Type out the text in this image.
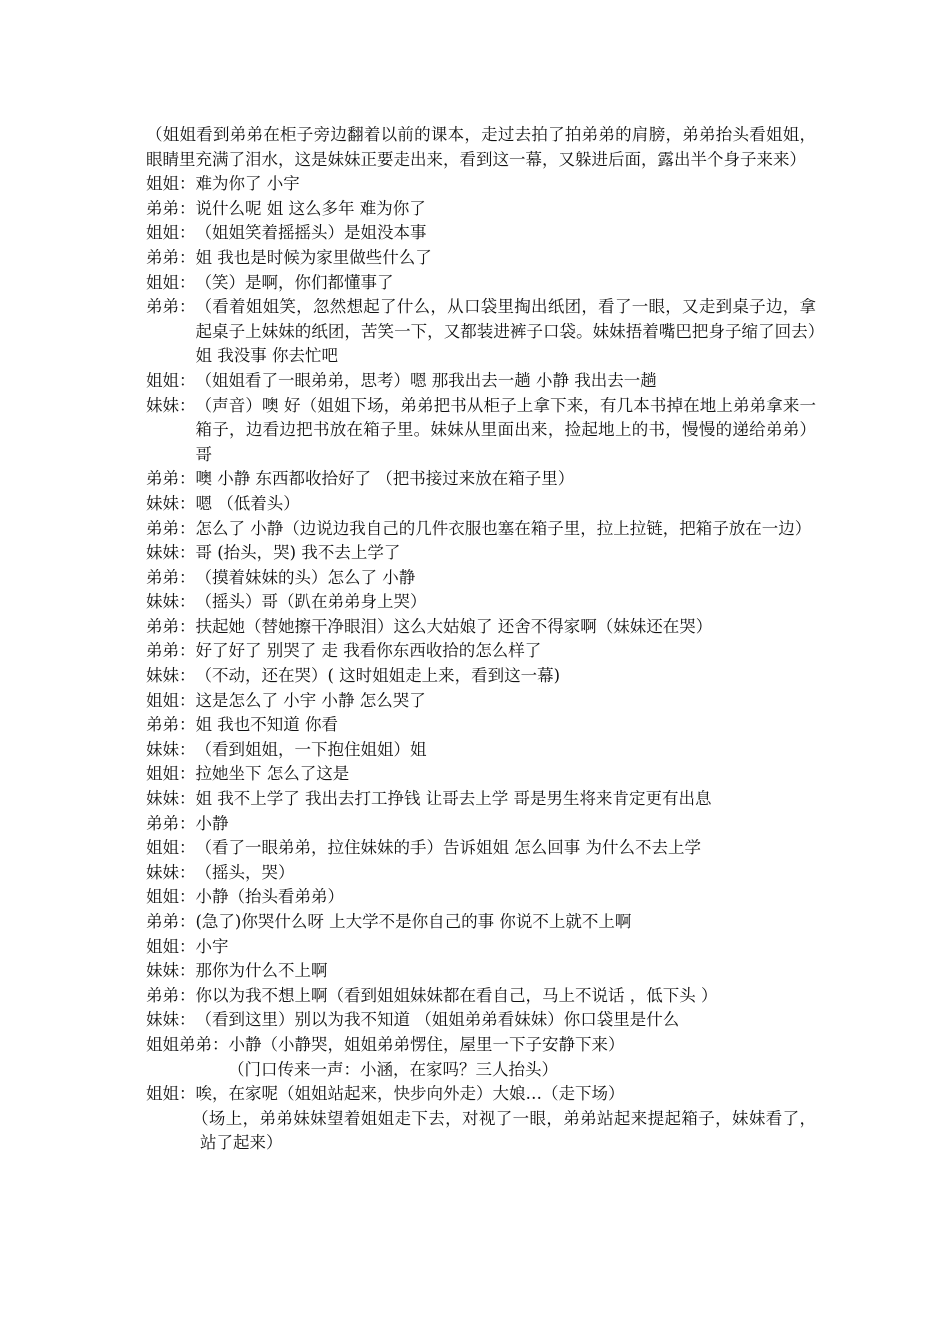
（姐姐看到弟弟在柜子旁边翻着以前的课本，走过去拍了拍弟弟的肩膀，弟弟抬头看姐姐，眼睛里充满了泪水，这是妹妹正要走出来，看到这一幕，又躲进后面，露出半个身子来来）
姐姐： 难为你了 小宇
弟弟： 说什么呢 姐 这么多年 难为你了
姐姐： （姐姐笑着摇摇头）是姐没本事
弟弟： 姐 我也是时候为家里做些什么了
姐姐： （笑）是啊，你们都懂事了
弟弟： （看着姐姐笑，忽然想起了什么，从口袋里掏出纸团，看了一眼，又走到桌子边，拿起桌子上妹妹的纸团，苦笑一下，又都装进裤子口袋。妹妹捂着嘴巴把身子缩了回去）姐 我没事 你去忙吧
姐姐： （姐姐看了一眼弟弟，思考）嗯 那我出去一趟 小静 我出去一趟
妹妹： （声音）噢 好（姐姐下场，弟弟把书从柜子上拿下来，有几本书掉在地上弟弟拿来一箱子，边看边把书放在箱子里。妹妹从里面出来，捡起地上的书，慢慢的递给弟弟）哥
弟弟： 噢 小静 东西都收拾好了 （把书接过来放在箱子里）
妹妹： 嗯 （低着头）
弟弟： 怎么了 小静（边说边我自己的几件衣服也塞在箱子里，拉上拉链，把箱子放在一边）
妹妹： 哥 (抬头，哭) 我不去上学了
弟弟： （摸着妹妹的头）怎么了 小静
妹妹： （摇头）哥（趴在弟弟身上哭）
弟弟： 扶起她（替她擦干净眼泪）这么大姑娘了 还舍不得家啊（妹妹还在哭）
弟弟： 好了好了 别哭了 走 我看你东西收拾的怎么样了
妹妹： （不动，还在哭）( 这时姐姐走上来，看到这一幕)
姐姐： 这是怎么了 小宇 小静 怎么哭了
弟弟： 姐 我也不知道 你看
妹妹： （看到姐姐，一下抱住姐姐）姐
姐姐： 拉她坐下 怎么了这是
妹妹： 姐 我不上学了 我出去打工挣钱 让哥去上学 哥是男生将来肯定更有出息
弟弟： 小静
姐姐： （看了一眼弟弟，拉住妹妹的手）告诉姐姐 怎么回事 为什么不去上学
妹妹： （摇头，哭）
姐姐： 小静（抬头看弟弟）
弟弟： (急了)你哭什么呀 上大学不是你自己的事 你说不上就不上啊
姐姐： 小宇
妹妹： 那你为什么不上啊
弟弟： 你以为我不想上啊（看到姐姐妹妹都在看自己，马上不说话 ，低下头 ）
妹妹： （看到这里）别以为我不知道 （姐姐弟弟看妹妹）你口袋里是什么
姐姐弟弟： 小静（小静哭，姐姐弟弟愣住，屋里一下子安静下来）
（门口传来一声：小涵，在家吗？三人抬头）
姐姐： 唉，在家呢（姐姐站起来，快步向外走）大娘…（走下场）
（场上，弟弟妹妹望着姐姐走下去，对视了一眼，弟弟站起来提起箱子，妹妹看了，站了起来）
